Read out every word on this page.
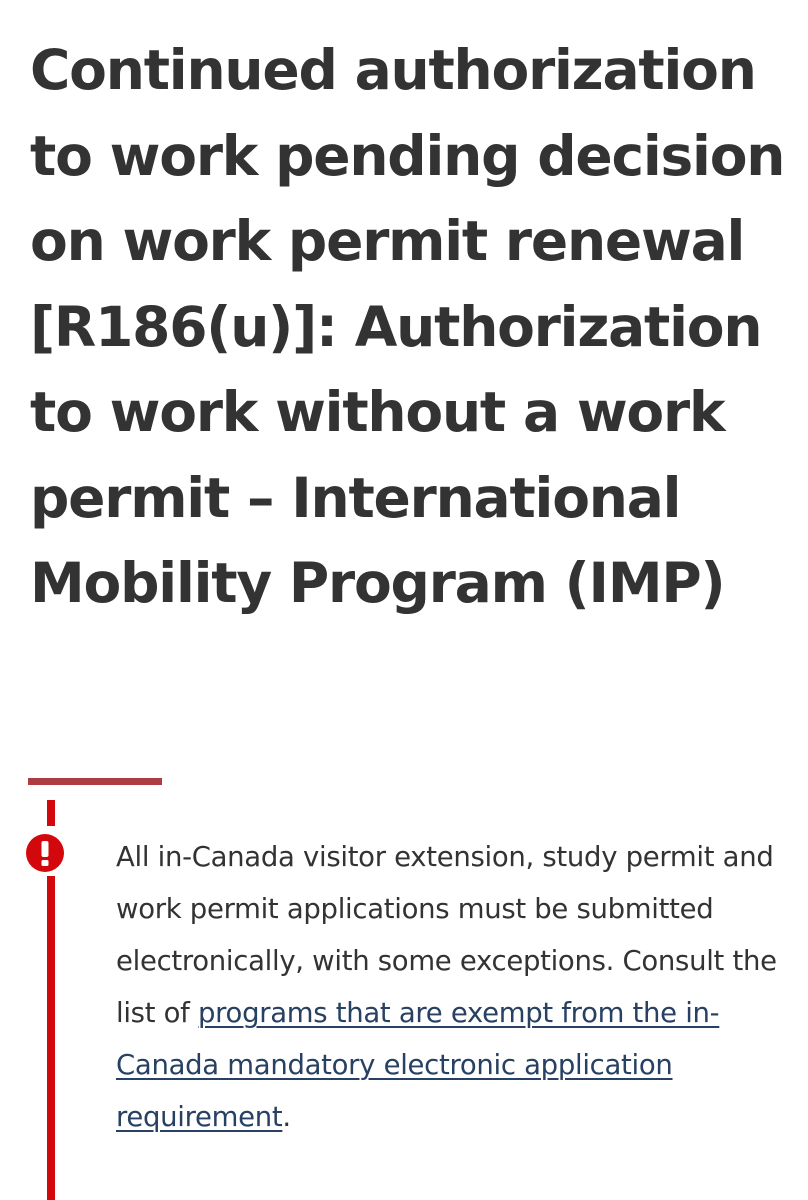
Continued authorization to work pending decision on work permit renewal [R186(u)]: Authorization to work without a work permit – International Mobility Program (IMP)

All in-Canada visitor extension, study permit and work permit applications must be submitted electronically, with some exceptions. Consult the list of programs that are exempt from the in-Canada mandatory electronic application requirement.
